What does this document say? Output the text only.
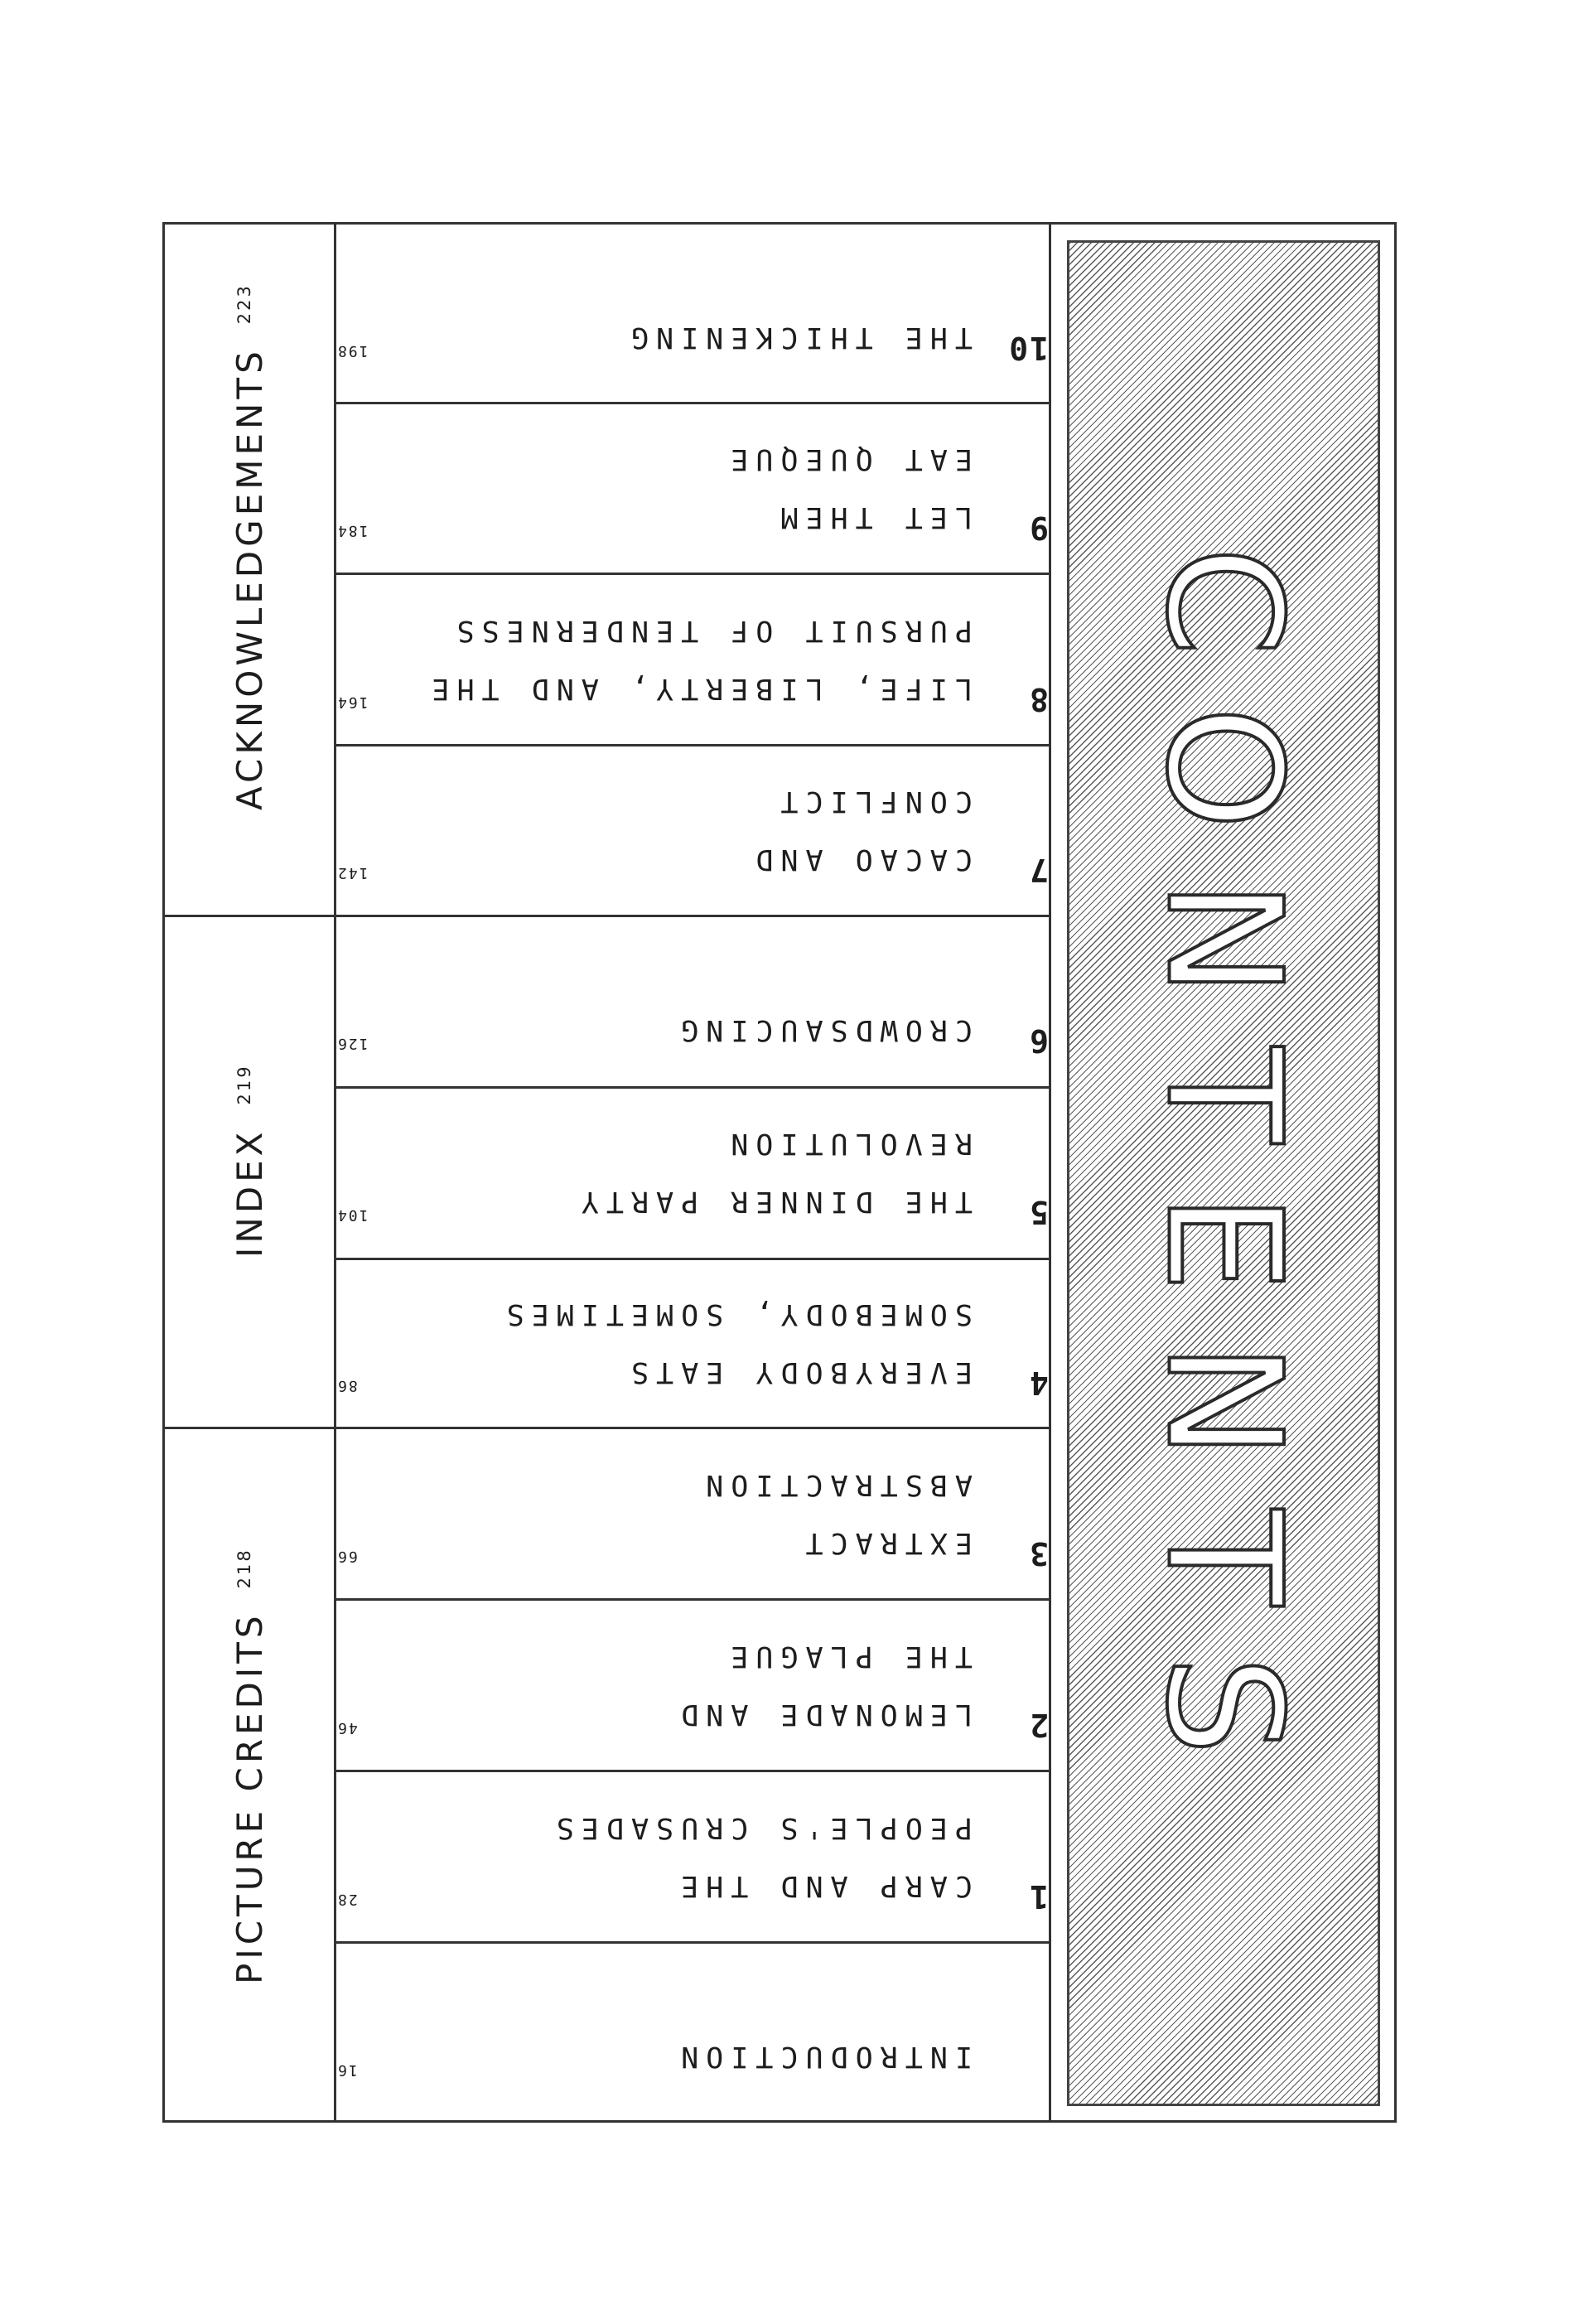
PICTURE CREDITS$^{218}$
INDEX$^{219}$
ACKNOWLEDGEMENTS$^{223}$
10
THE THICKENING
198
9
LET THEM
EAT QUEQUE
184
8
LIFE, LIBERTY, AND THE
PURSUIT OF TENDERNESS
164
7
CACAO AND
CONFLICT
142
6
CROWDSAUCING
126
5
THE DINNER PARTY
REVOLUTION
104
4
EVERYBODY EATS
SOMEBODY, SOMETIMES
86
3
EXTRACT
ABSTRACTION
66
2
LEMONADE AND
THE PLAGUE
46
1
CARP AND THE
PEOPLE'S CRUSADES
28
INTRODUCTION
16
CONTENTS
